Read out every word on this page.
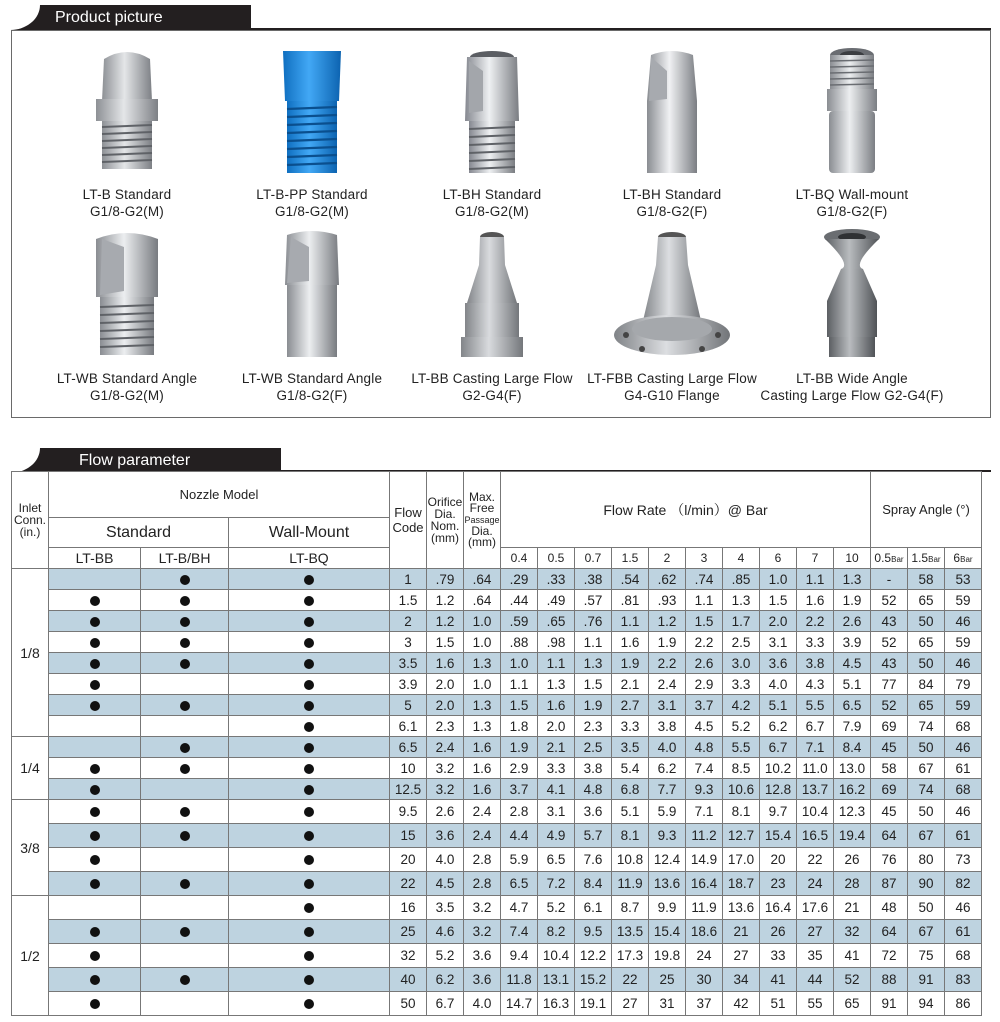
Product picture
LT-B Standard
G1/8-G2(M)
LT-B-PP Standard
G1/8-G2(M)
LT-BH Standard
G1/8-G2(M)
LT-BH Standard
G1/8-G2(F)
LT-BQ Wall-mount
G1/8-G2(F)
LT-WB Standard Angle
G1/8-G2(M)
LT-WB Standard Angle
G1/8-G2(F)
LT-BB Casting Large Flow
G2-G4(F)
LT-FBB Casting Large Flow
G4-G10 Flange
LT-BB Wide Angle
Casting Large Flow G2-G4(F)
Flow parameter
Inlet
Conn.
(in.)	Nozzle Model			Flow
Code	Orifice
Dia.
Nom.
(mm)	Max.
Free
Passage
Dia.
(mm)	Flow Rate （l/min）@ Bar										Spray Angle (°)		
	Standard		Wall-Mount																
	LT-BB	LT-B/BH	LT-BQ				0.4	0.5	0.7	1.5	2	3	4	6	7	10	0.5Bar	1.5Bar	6Bar
1/8				1	.79	.64	.29	.33	.38	.54	.62	.74	.85	1.0	1.1	1.3	-	58	53
				1.5	1.2	.64	.44	.49	.57	.81	.93	1.1	1.3	1.5	1.6	1.9	52	65	59
				2	1.2	1.0	.59	.65	.76	1.1	1.2	1.5	1.7	2.0	2.2	2.6	43	50	46
				3	1.5	1.0	.88	.98	1.1	1.6	1.9	2.2	2.5	3.1	3.3	3.9	52	65	59
				3.5	1.6	1.3	1.0	1.1	1.3	1.9	2.2	2.6	3.0	3.6	3.8	4.5	43	50	46
				3.9	2.0	1.0	1.1	1.3	1.5	2.1	2.4	2.9	3.3	4.0	4.3	5.1	77	84	79
				5	2.0	1.3	1.5	1.6	1.9	2.7	3.1	3.7	4.2	5.1	5.5	6.5	52	65	59
				6.1	2.3	1.3	1.8	2.0	2.3	3.3	3.8	4.5	5.2	6.2	6.7	7.9	69	74	68
1/4				6.5	2.4	1.6	1.9	2.1	2.5	3.5	4.0	4.8	5.5	6.7	7.1	8.4	45	50	46
				10	3.2	1.6	2.9	3.3	3.8	5.4	6.2	7.4	8.5	10.2	11.0	13.0	58	67	61
				12.5	3.2	1.6	3.7	4.1	4.8	6.8	7.7	9.3	10.6	12.8	13.7	16.2	69	74	68
3/8				9.5	2.6	2.4	2.8	3.1	3.6	5.1	5.9	7.1	8.1	9.7	10.4	12.3	45	50	46
				15	3.6	2.4	4.4	4.9	5.7	8.1	9.3	11.2	12.7	15.4	16.5	19.4	64	67	61
				20	4.0	2.8	5.9	6.5	7.6	10.8	12.4	14.9	17.0	20	22	26	76	80	73
				22	4.5	2.8	6.5	7.2	8.4	11.9	13.6	16.4	18.7	23	24	28	87	90	82
1/2				16	3.5	3.2	4.7	5.2	6.1	8.7	9.9	11.9	13.6	16.4	17.6	21	48	50	46
				25	4.6	3.2	7.4	8.2	9.5	13.5	15.4	18.6	21	26	27	32	64	67	61
				32	5.2	3.6	9.4	10.4	12.2	17.3	19.8	24	27	33	35	41	72	75	68
				40	6.2	3.6	11.8	13.1	15.2	22	25	30	34	41	44	52	88	91	83
				50	6.7	4.0	14.7	16.3	19.1	27	31	37	42	51	55	65	91	94	86
